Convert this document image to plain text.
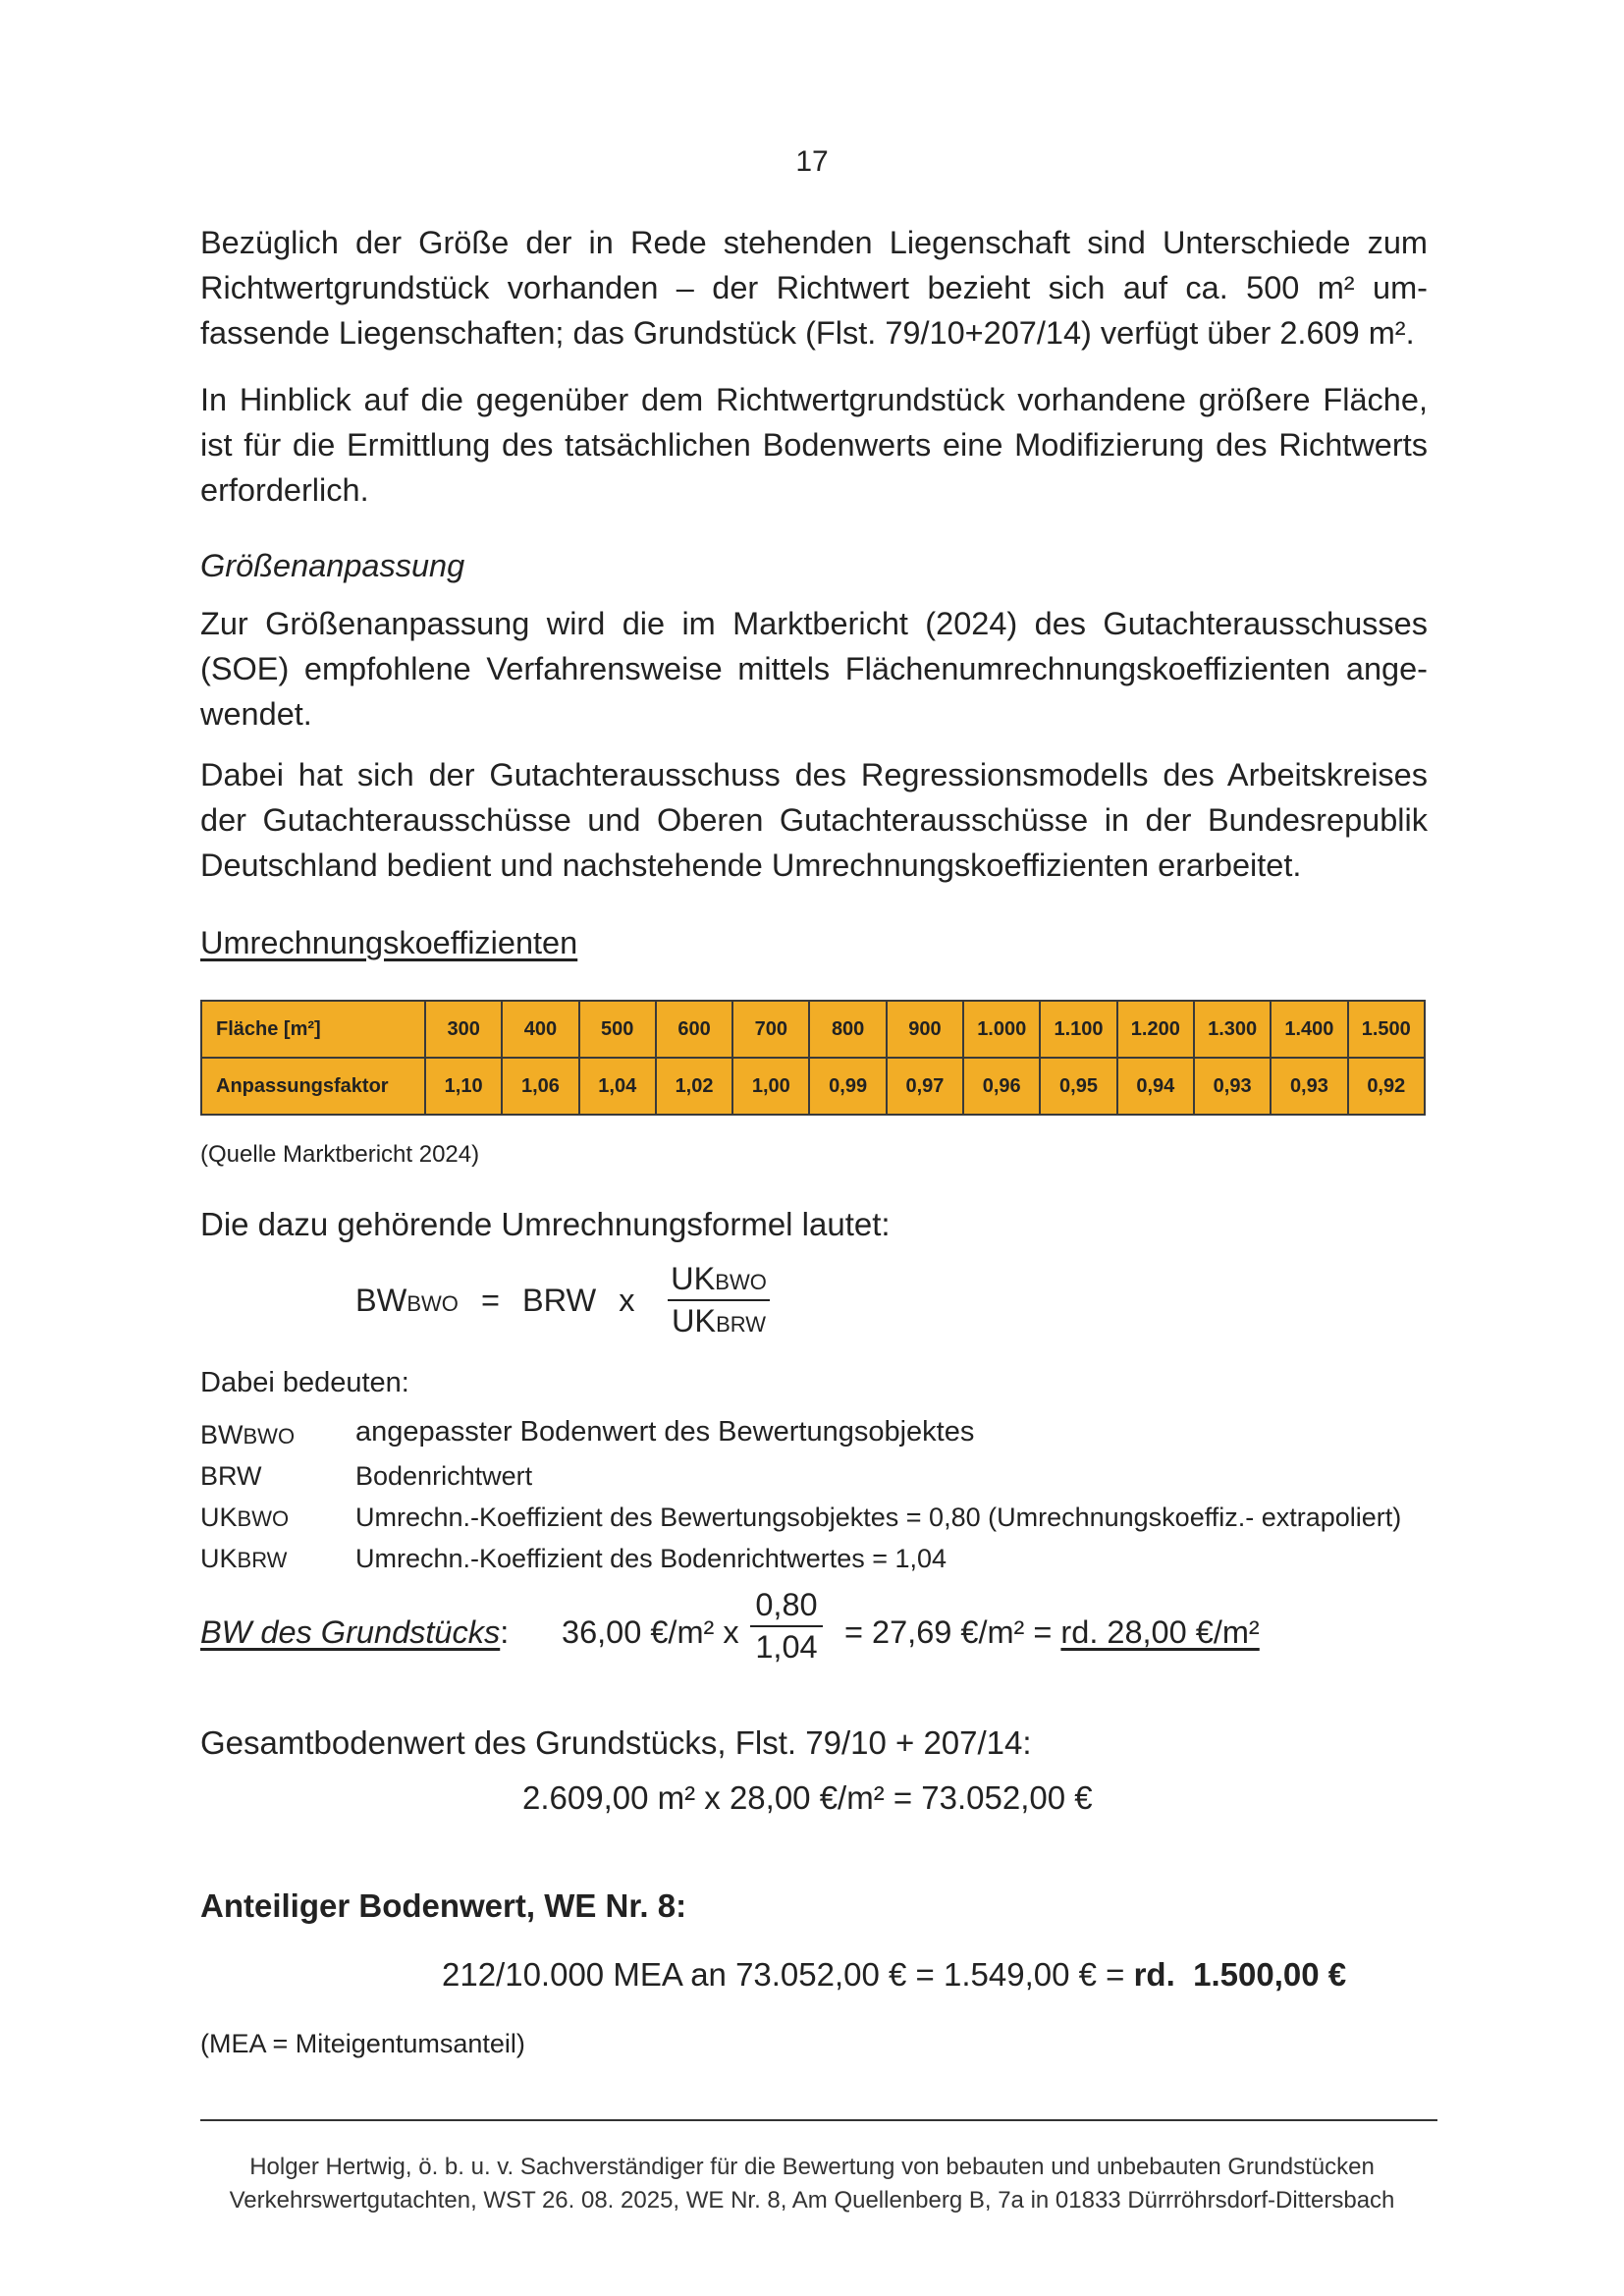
17
Bezüglich der Größe der in Rede stehenden Liegenschaft sind Unterschiede zum
Richtwertgrundstück vorhanden – der Richtwert bezieht sich auf ca. 500 m² um-
fassende Liegenschaften; das Grundstück (Flst. 79/10+207/14) verfügt über 2.609 m².
In Hinblick auf die gegenüber dem Richtwertgrundstück vorhandene größere Fläche,
ist für die Ermittlung des tatsächlichen Bodenwerts eine Modifizierung des Richtwerts
erforderlich.
Größenanpassung
Zur Größenanpassung wird die im Marktbericht (2024) des Gutachterausschusses
(SOE) empfohlene Verfahrensweise mittels Flächenumrechnungskoeffizienten ange-
wendet.
Dabei hat sich der Gutachterausschuss des Regressionsmodells des Arbeitskreises
der Gutachterausschüsse und Oberen Gutachterausschüsse in der Bundesrepublik
Deutschland bedient und nachstehende Umrechnungskoeffizienten erarbeitet.
Umrechnungskoeffizienten
Fläche [m²]	300	400	500	600	700	800	900	1.000	1.100	1.200	1.300	1.400	1.500
Anpassungsfaktor	1,10	1,06	1,04	1,02	1,00	0,99	0,97	0,96	0,95	0,94	0,93	0,93	0,92
(Quelle Marktbericht 2024)
Die dazu gehörende Umrechnungsformel lautet:
BWBWO = BRW x
UKBWO
UKBRW
Dabei bedeuten:
BWBWO angepasster Bodenwert des Bewertungsobjektes
BRW	Bodenrichtwert
UKBWO	Umrechn.-Koeffizient des Bewertungsobjektes = 0,80 (Umrechnungskoeffiz.- extrapoliert)
UKBRW	Umrechn.-Koeffizient des Bodenrichtwertes = 1,04
BW des Grundstücks: 36,00 €/m² x $\frac{0,80}{1,04} = 27,69$ €/m² = rd. 28,00 €/m²
Gesamtbodenwert des Grundstücks, Flst. 79/10 + 207/14:
2.609,00 m² x 28,00 €/m² = 73.052,00 €
Anteiliger Bodenwert, WE Nr. 8:
212/10.000 MEA an 73.052,00 € = 1.549,00 € = rd. 1.500,00 €
(MEA = Miteigentumsanteil)
Holger Hertwig, ö. b. u. v. Sachverständiger für die Bewertung von bebauten und unbebauten Grundstücken
Verkehrswertgutachten, WST 26. 08. 2025, WE Nr. 8, Am Quellenberg B, 7a in 01833 Dürrröhrsdorf-Dittersbach
